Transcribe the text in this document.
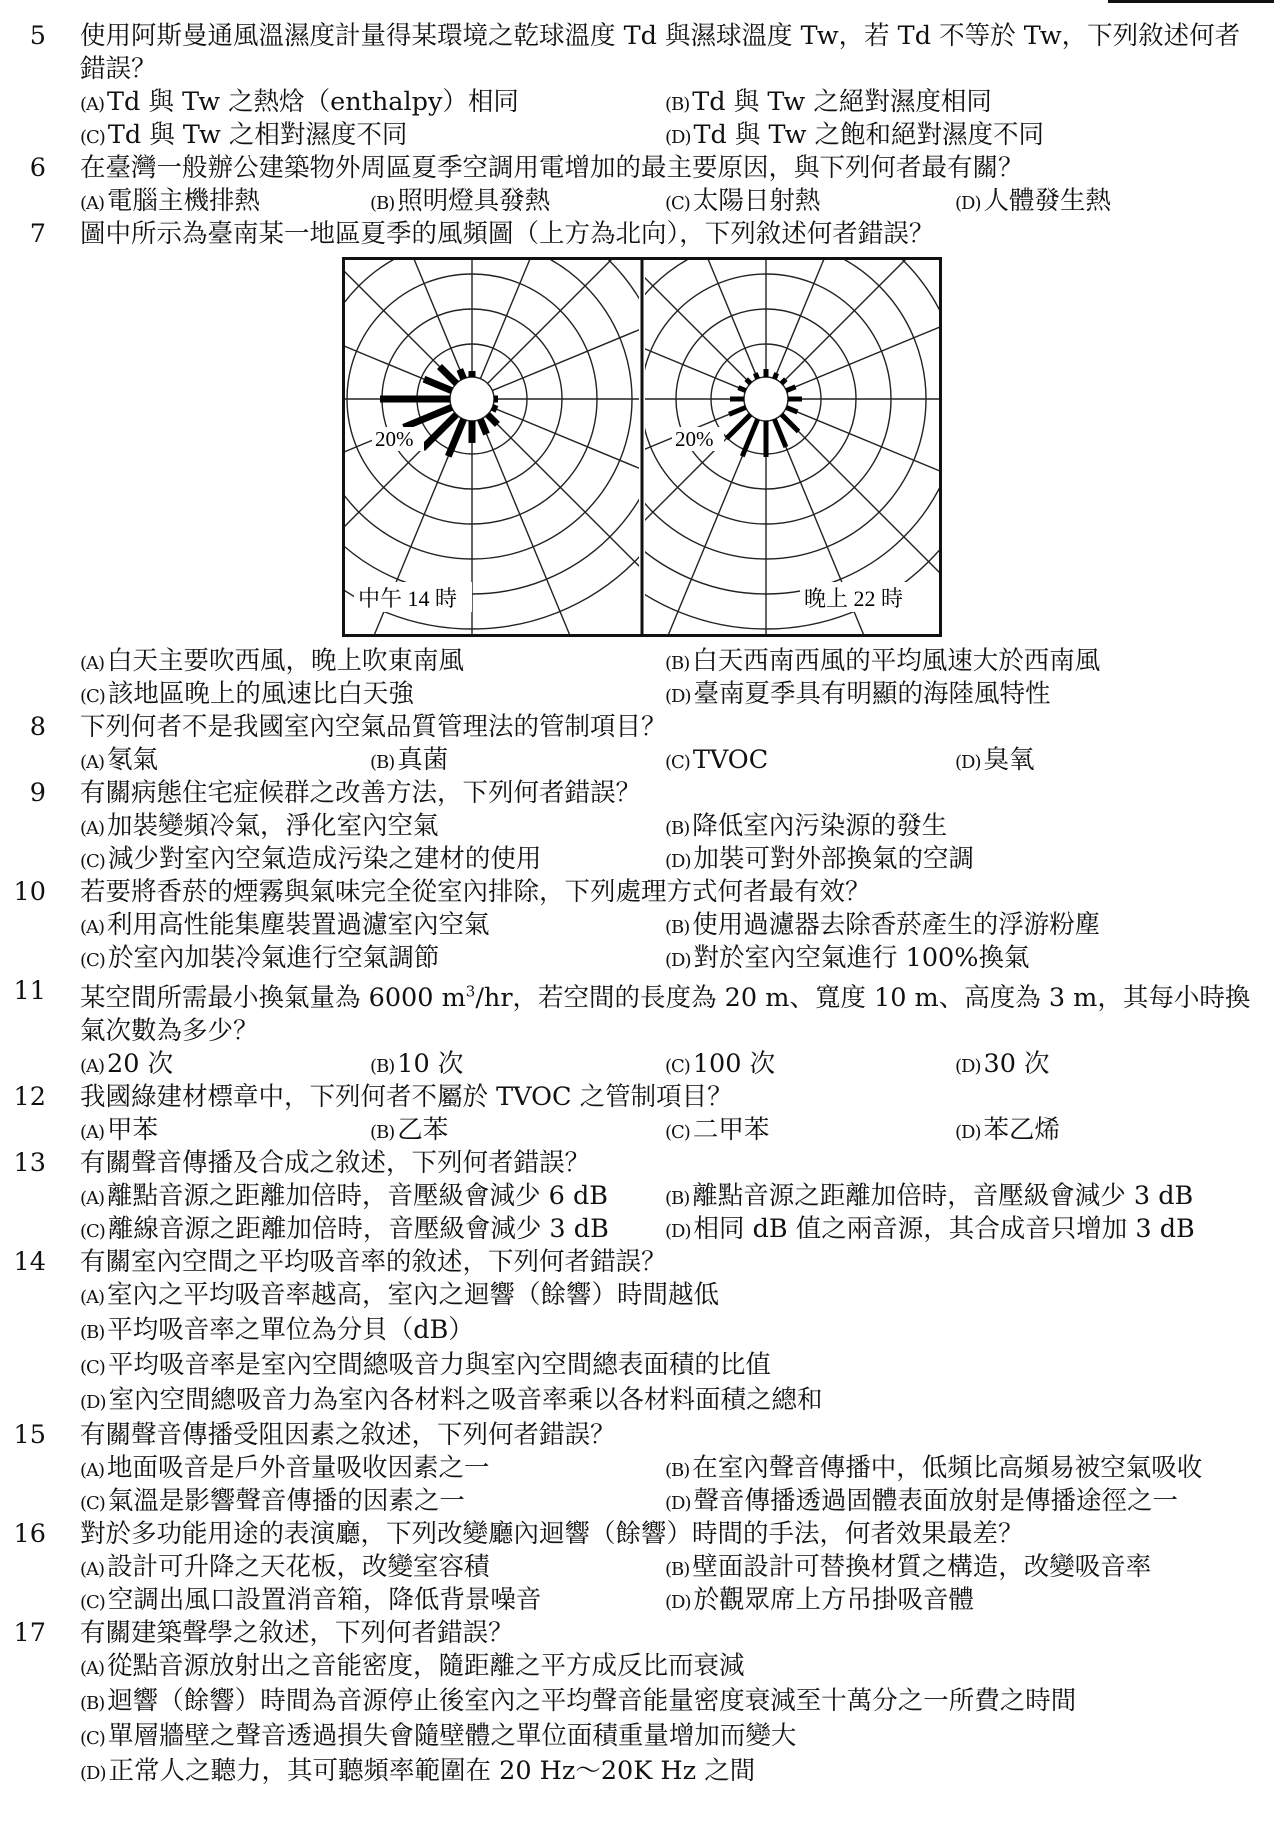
5 使用阿斯曼通風溫濕度計量得某環境之乾球溫度 Td 與濕球溫度 Tw，若 Td 不等於 Tw，下列敘述何者錯誤？
(A) Td 與 Tw 之熱焓（enthalpy）相同	(B) Td 與 Tw 之絕對濕度相同
(C) Td 與 Tw 之相對濕度不同	(D) Td 與 Tw 之飽和絕對濕度不同
6 在臺灣一般辦公建築物外周區夏季空調用電增加的最主要原因，與下列何者最有關？
(A) 電腦主機排熱	(B) 照明燈具發熱	(C) 太陽日射熱	(D) 人體發生熱
7 圖中所示為臺南某一地區夏季的風頻圖（上方為北向），下列敘述何者錯誤？
20%	20%
中午 14 時	晚上 22 時
(A) 白天主要吹西風，晚上吹東南風	(B) 白天西南西風的平均風速大於西南風
(C) 該地區晚上的風速比白天強	(D) 臺南夏季具有明顯的海陸風特性
8 下列何者不是我國室內空氣品質管理法的管制項目？
(A) 氡氣	(B) 真菌	(C) TVOC	(D) 臭氧
9 有關病態住宅症候群之改善方法，下列何者錯誤？
(A) 加裝變頻冷氣，淨化室內空氣	(B) 降低室內污染源的發生
(C) 減少對室內空氣造成污染之建材的使用	(D) 加裝可對外部換氣的空調
10 若要將香菸的煙霧與氣味完全從室內排除，下列處理方式何者最有效？
(A) 利用高性能集塵裝置過濾室內空氣	(B) 使用過濾器去除香菸產生的浮游粉塵
(C) 於室內加裝冷氣進行空氣調節	(D) 對於室內空氣進行 100%換氣
11 某空間所需最小換氣量為 6000 $m^3/hr$，若空間的長度為 20 m、寬度 10 m、高度為 3 m，其每小時換氣次數為多少？
(A) 20 次	(B) 10 次	(C) 100 次	(D) 30 次
12 我國綠建材標章中，下列何者不屬於 TVOC 之管制項目？
(A) 甲苯	(B) 乙苯	(C) 二甲苯	(D) 苯乙烯
13 有關聲音傳播及合成之敘述，下列何者錯誤？
(A) 離點音源之距離加倍時，音壓級會減少 6 dB	(B) 離點音源之距離加倍時，音壓級會減少 3 dB
(C) 離線音源之距離加倍時，音壓級會減少 3 dB	(D) 相同 dB 值之兩音源，其合成音只增加 3 dB
14 有關室內空間之平均吸音率的敘述，下列何者錯誤？
(A) 室內之平均吸音率越高，室內之迴響（餘響）時間越低
(B) 平均吸音率之單位為分貝（dB）
(C) 平均吸音率是室內空間總吸音力與室內空間總表面積的比值
(D) 室內空間總吸音力為室內各材料之吸音率乘以各材料面積之總和
15 有關聲音傳播受阻因素之敘述，下列何者錯誤？
(A) 地面吸音是戶外音量吸收因素之一	(B) 在室內聲音傳播中，低頻比高頻易被空氣吸收
(C) 氣溫是影響聲音傳播的因素之一	(D) 聲音傳播透過固體表面放射是傳播途徑之一
16 對於多功能用途的表演廳，下列改變廳內迴響（餘響）時間的手法，何者效果最差？
(A) 設計可升降之天花板，改變室容積	(B) 壁面設計可替換材質之構造，改變吸音率
(C) 空調出風口設置消音箱，降低背景噪音	(D) 於觀眾席上方吊掛吸音體
17 有關建築聲學之敘述，下列何者錯誤？
(A) 從點音源放射出之音能密度，隨距離之平方成反比而衰減
(B) 迴響（餘響）時間為音源停止後室內之平均聲音能量密度衰減至十萬分之一所費之時間
(C) 單層牆壁之聲音透過損失會隨壁體之單位面積重量增加而變大
(D) 正常人之聽力，其可聽頻率範圍在 20 Hz～20K Hz 之間
